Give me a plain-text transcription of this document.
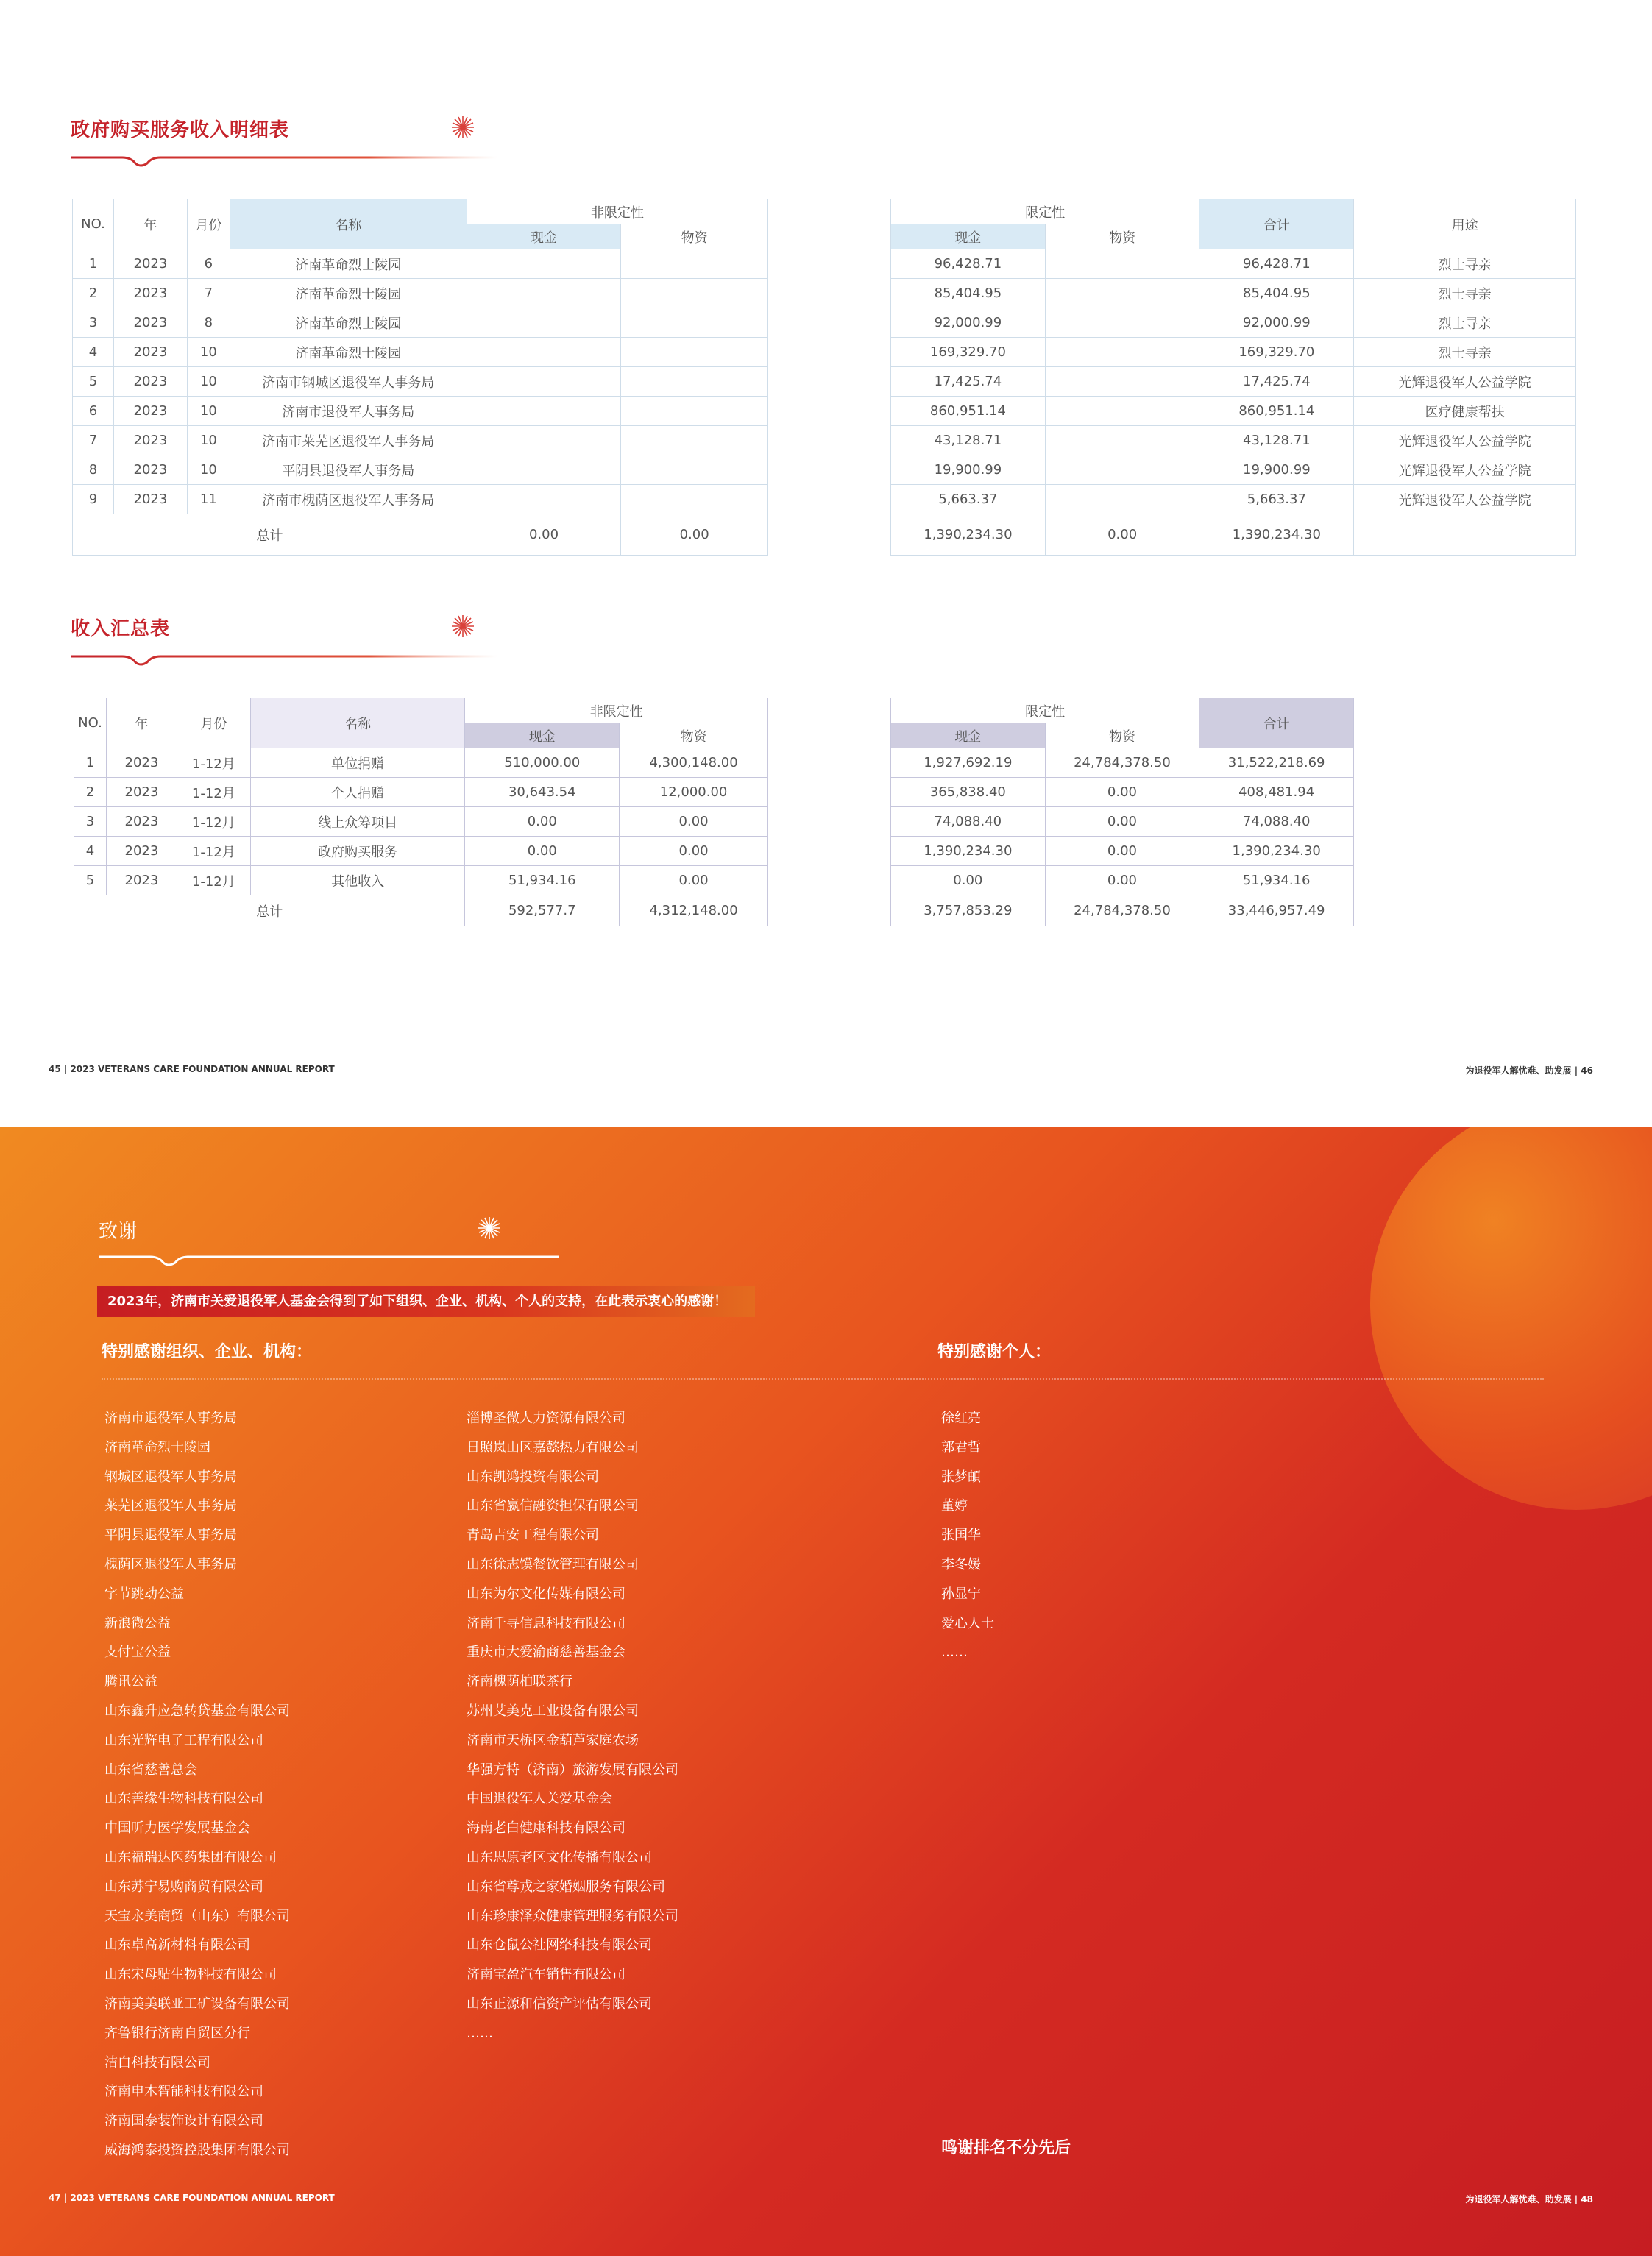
政府购买服务收入明细表
NO.	年	月份	名称	非限定性	
				现金	物资
1	2023	6	济南革命烈士陵园		
2	2023	7	济南革命烈士陵园		
3	2023	8	济南革命烈士陵园		
4	2023	10	济南革命烈士陵园		
5	2023	10	济南市钢城区退役军人事务局		
6	2023	10	济南市退役军人事务局		
7	2023	10	济南市莱芜区退役军人事务局		
8	2023	10	平阴县退役军人事务局		
9	2023	11	济南市槐荫区退役军人事务局		
总计				0.00	0.00
限定性		合计	用途
现金	物资		
96,428.71		96,428.71	烈士寻亲
85,404.95		85,404.95	烈士寻亲
92,000.99		92,000.99	烈士寻亲
169,329.70		169,329.70	烈士寻亲
17,425.74		17,425.74	光辉退役军人公益学院
860,951.14		860,951.14	医疗健康帮扶
43,128.71		43,128.71	光辉退役军人公益学院
19,900.99		19,900.99	光辉退役军人公益学院
5,663.37		5,663.37	光辉退役军人公益学院
1,390,234.30	0.00	1,390,234.30	
收入汇总表
NO.	年	月份	名称	非限定性	
				现金	物资
1	2023	1-12月	单位捐赠	510,000.00	4,300,148.00
2	2023	1-12月	个人捐赠	30,643.54	12,000.00
3	2023	1-12月	线上众筹项目	0.00	0.00
4	2023	1-12月	政府购买服务	0.00	0.00
5	2023	1-12月	其他收入	51,934.16	0.00
总计				592,577.7	4,312,148.00
限定性		合计
现金	物资	
1,927,692.19	24,784,378.50	31,522,218.69
365,838.40	0.00	408,481.94
74,088.40	0.00	74,088.40
1,390,234.30	0.00	1,390,234.30
0.00	0.00	51,934.16
3,757,853.29	24,784,378.50	33,446,957.49
45 | 2023 VETERANS CARE FOUNDATION ANNUAL REPORT	为退役军人解忧难、助发展 | 46
致谢
2023年，济南市关爱退役军人基金会得到了如下组织、企业、机构、个人的支持，在此表示衷心的感谢！
特别感谢组织、企业、机构：	特别感谢个人：
济南市退役军人事务局
济南革命烈士陵园
钢城区退役军人事务局
莱芜区退役军人事务局
平阴县退役军人事务局
槐荫区退役军人事务局
字节跳动公益
新浪微公益
支付宝公益
腾讯公益
山东鑫升应急转贷基金有限公司
山东光辉电子工程有限公司
山东省慈善总会
山东善缘生物科技有限公司
中国听力医学发展基金会
山东福瑞达医药集团有限公司
山东苏宁易购商贸有限公司
天宝永美商贸（山东）有限公司
山东卓高新材料有限公司
山东宋母贴生物科技有限公司
济南美美联亚工矿设备有限公司
齐鲁银行济南自贸区分行
洁白科技有限公司
济南申木智能科技有限公司
济南国泰装饰设计有限公司
威海鸿泰投资控股集团有限公司
淄博圣微人力资源有限公司
日照岚山区嘉懿热力有限公司
山东凯鸿投资有限公司
山东省嬴信融资担保有限公司
青岛吉安工程有限公司
山东徐志馍餐饮管理有限公司
山东为尔文化传媒有限公司
济南千寻信息科技有限公司
重庆市大爱渝商慈善基金会
济南槐荫柏联茶行
苏州艾美克工业设备有限公司
济南市天桥区金葫芦家庭农场
华强方特（济南）旅游发展有限公司
中国退役军人关爱基金会
海南老白健康科技有限公司
山东思原老区文化传播有限公司
山东省尊戎之家婚姻服务有限公司
山东珍康泽众健康管理服务有限公司
山东仓鼠公社网络科技有限公司
济南宝盈汽车销售有限公司
山东正源和信资产评估有限公司
……
徐红亮
郭君哲
张梦頔
董婷
张国华
李冬媛
孙显宁
爱心人士
……
鸣谢排名不分先后
47 | 2023 VETERANS CARE FOUNDATION ANNUAL REPORT	为退役军人解忧难、助发展 | 48
